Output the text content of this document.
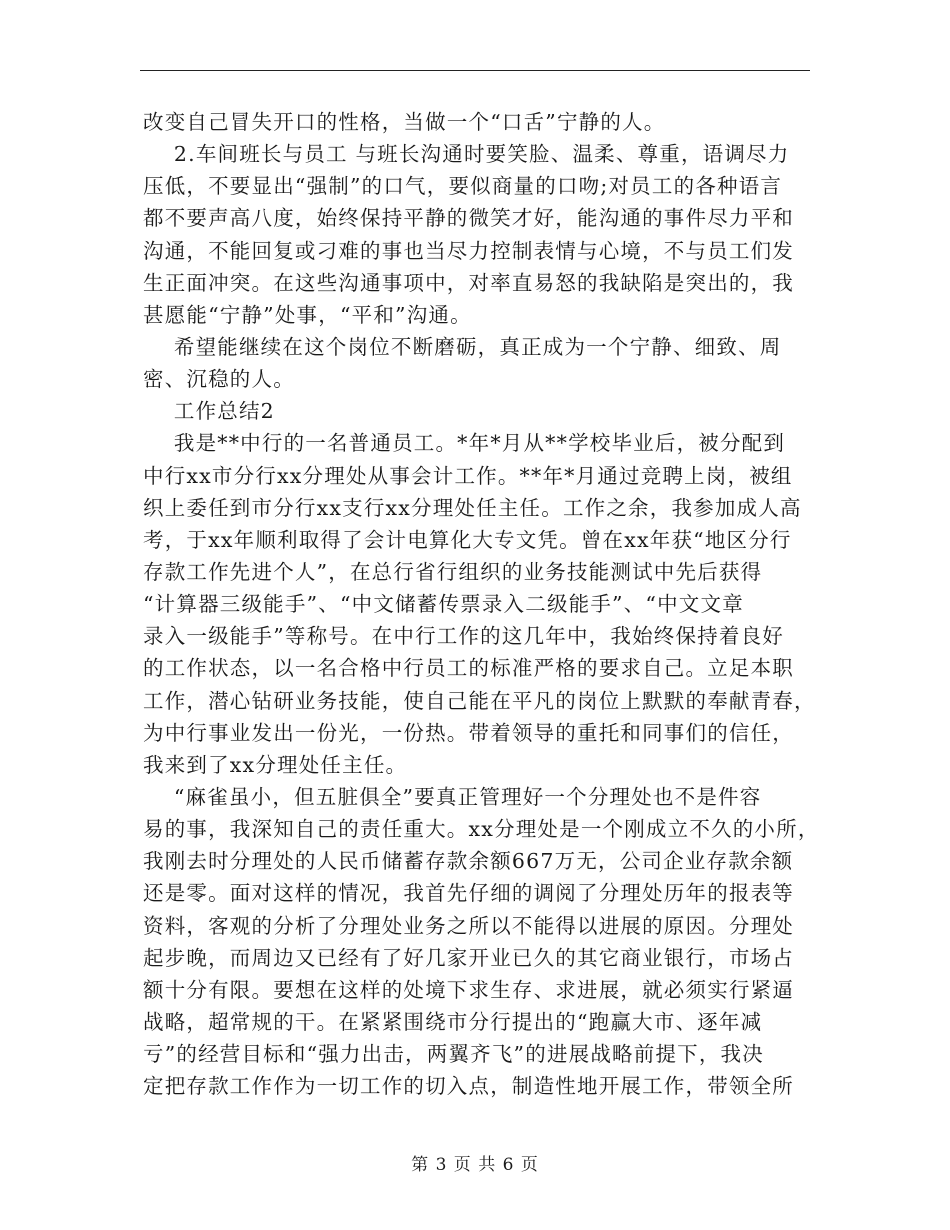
改变自己冒失开口的性格，当做一个“口舌”宁静的人。
2.车间班长与员工 与班长沟通时要笑脸、温柔、尊重，语调尽力
压低，不要显出“强制”的口气，要似商量的口吻;对员工的各种语言
都不要声高八度，始终保持平静的微笑才好，能沟通的事件尽力平和
沟通，不能回复或刁难的事也当尽力控制表情与心境，不与员工们发
生正面冲突。在这些沟通事项中，对率直易怒的我缺陷是突出的，我
甚愿能“宁静”处事，“平和”沟通。
希望能继续在这个岗位不断磨砺，真正成为一个宁静、细致、周
密、沉稳的人。
工作总结2
我是**中行的一名普通员工。*年*月从**学校毕业后，被分配到
中行xx市分行xx分理处从事会计工作。**年*月通过竞聘上岗，被组
织上委任到市分行xx支行xx分理处任主任。工作之余，我参加成人高
考，于xx年顺利取得了会计电算化大专文凭。曾在xx年获“地区分行
存款工作先进个人”，在总行省行组织的业务技能测试中先后获得
“计算器三级能手”、“中文储蓄传票录入二级能手”、“中文文章
录入一级能手”等称号。在中行工作的这几年中，我始终保持着良好
的工作状态，以一名合格中行员工的标准严格的要求自己。立足本职
工作，潜心钻研业务技能，使自己能在平凡的岗位上默默的奉献青春，
为中行事业发出一份光，一份热。带着领导的重托和同事们的信任，
我来到了xx分理处任主任。
“麻雀虽小，但五脏俱全”要真正管理好一个分理处也不是件容
易的事，我深知自己的责任重大。xx分理处是一个刚成立不久的小所，
我刚去时分理处的人民币储蓄存款余额667万无，公司企业存款余额
还是零。面对这样的情况，我首先仔细的调阅了分理处历年的报表等
资料，客观的分析了分理处业务之所以不能得以进展的原因。分理处
起步晚，而周边又已经有了好几家开业已久的其它商业银行，市场占
额十分有限。要想在这样的处境下求生存、求进展，就必须实行紧逼
战略，超常规的干。在紧紧围绕市分行提出的“跑赢大市、逐年减
亏”的经营目标和“强力出击，两翼齐飞”的进展战略前提下，我决
定把存款工作作为一切工作的切入点，制造性地开展工作，带领全所
第 3 页 共 6 页
